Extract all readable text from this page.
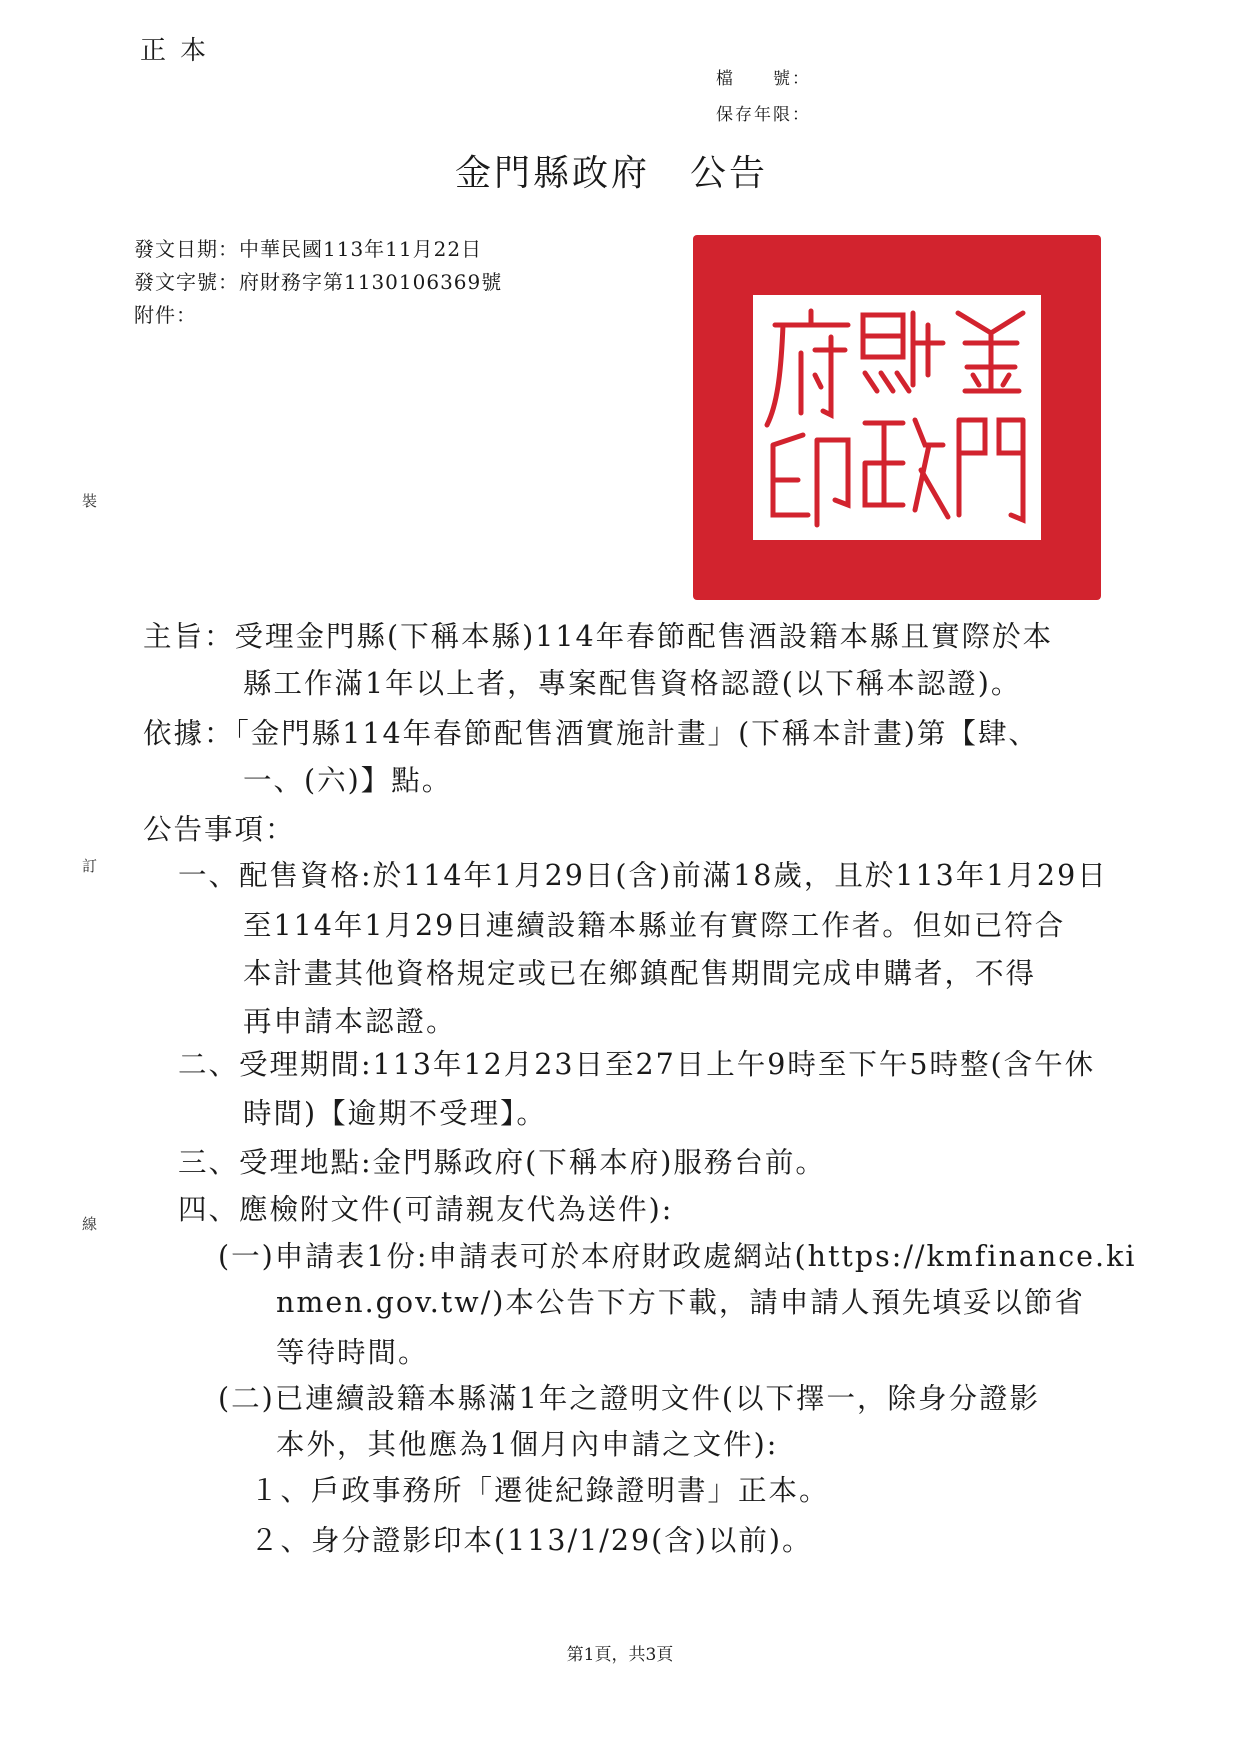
正本
檔　　號：
保存年限：
金門縣政府 公告
發文日期：中華民國113年11月22日
發文字號：府財務字第1130106369號
附件：
裝
訂
線
主旨：受理金門縣(下稱本縣)114年春節配售酒設籍本縣且實際於本
縣工作滿1年以上者，專案配售資格認證(以下稱本認證)。
依據：「金門縣114年春節配售酒實施計畫」(下稱本計畫)第【肆、
一、(六)】點。
公告事項：
一、配售資格:於114年1月29日(含)前滿18歲，且於113年1月29日
至114年1月29日連續設籍本縣並有實際工作者。但如已符合
本計畫其他資格規定或已在鄉鎮配售期間完成申購者，不得
再申請本認證。
二、受理期間:113年12月23日至27日上午9時至下午5時整(含午休
時間)【逾期不受理】。
三、受理地點:金門縣政府(下稱本府)服務台前。
四、應檢附文件(可請親友代為送件):
(一)申請表1份:申請表可於本府財政處網站(https://kmfinance.ki
nmen.gov.tw/)本公告下方下載，請申請人預先填妥以節省
等待時間。
(二)已連續設籍本縣滿1年之證明文件(以下擇一，除身分證影
本外，其他應為1個月內申請之文件):
１、戶政事務所「遷徙紀錄證明書」正本。
２、身分證影印本(113/1/29(含)以前)。
第1頁，共3頁
